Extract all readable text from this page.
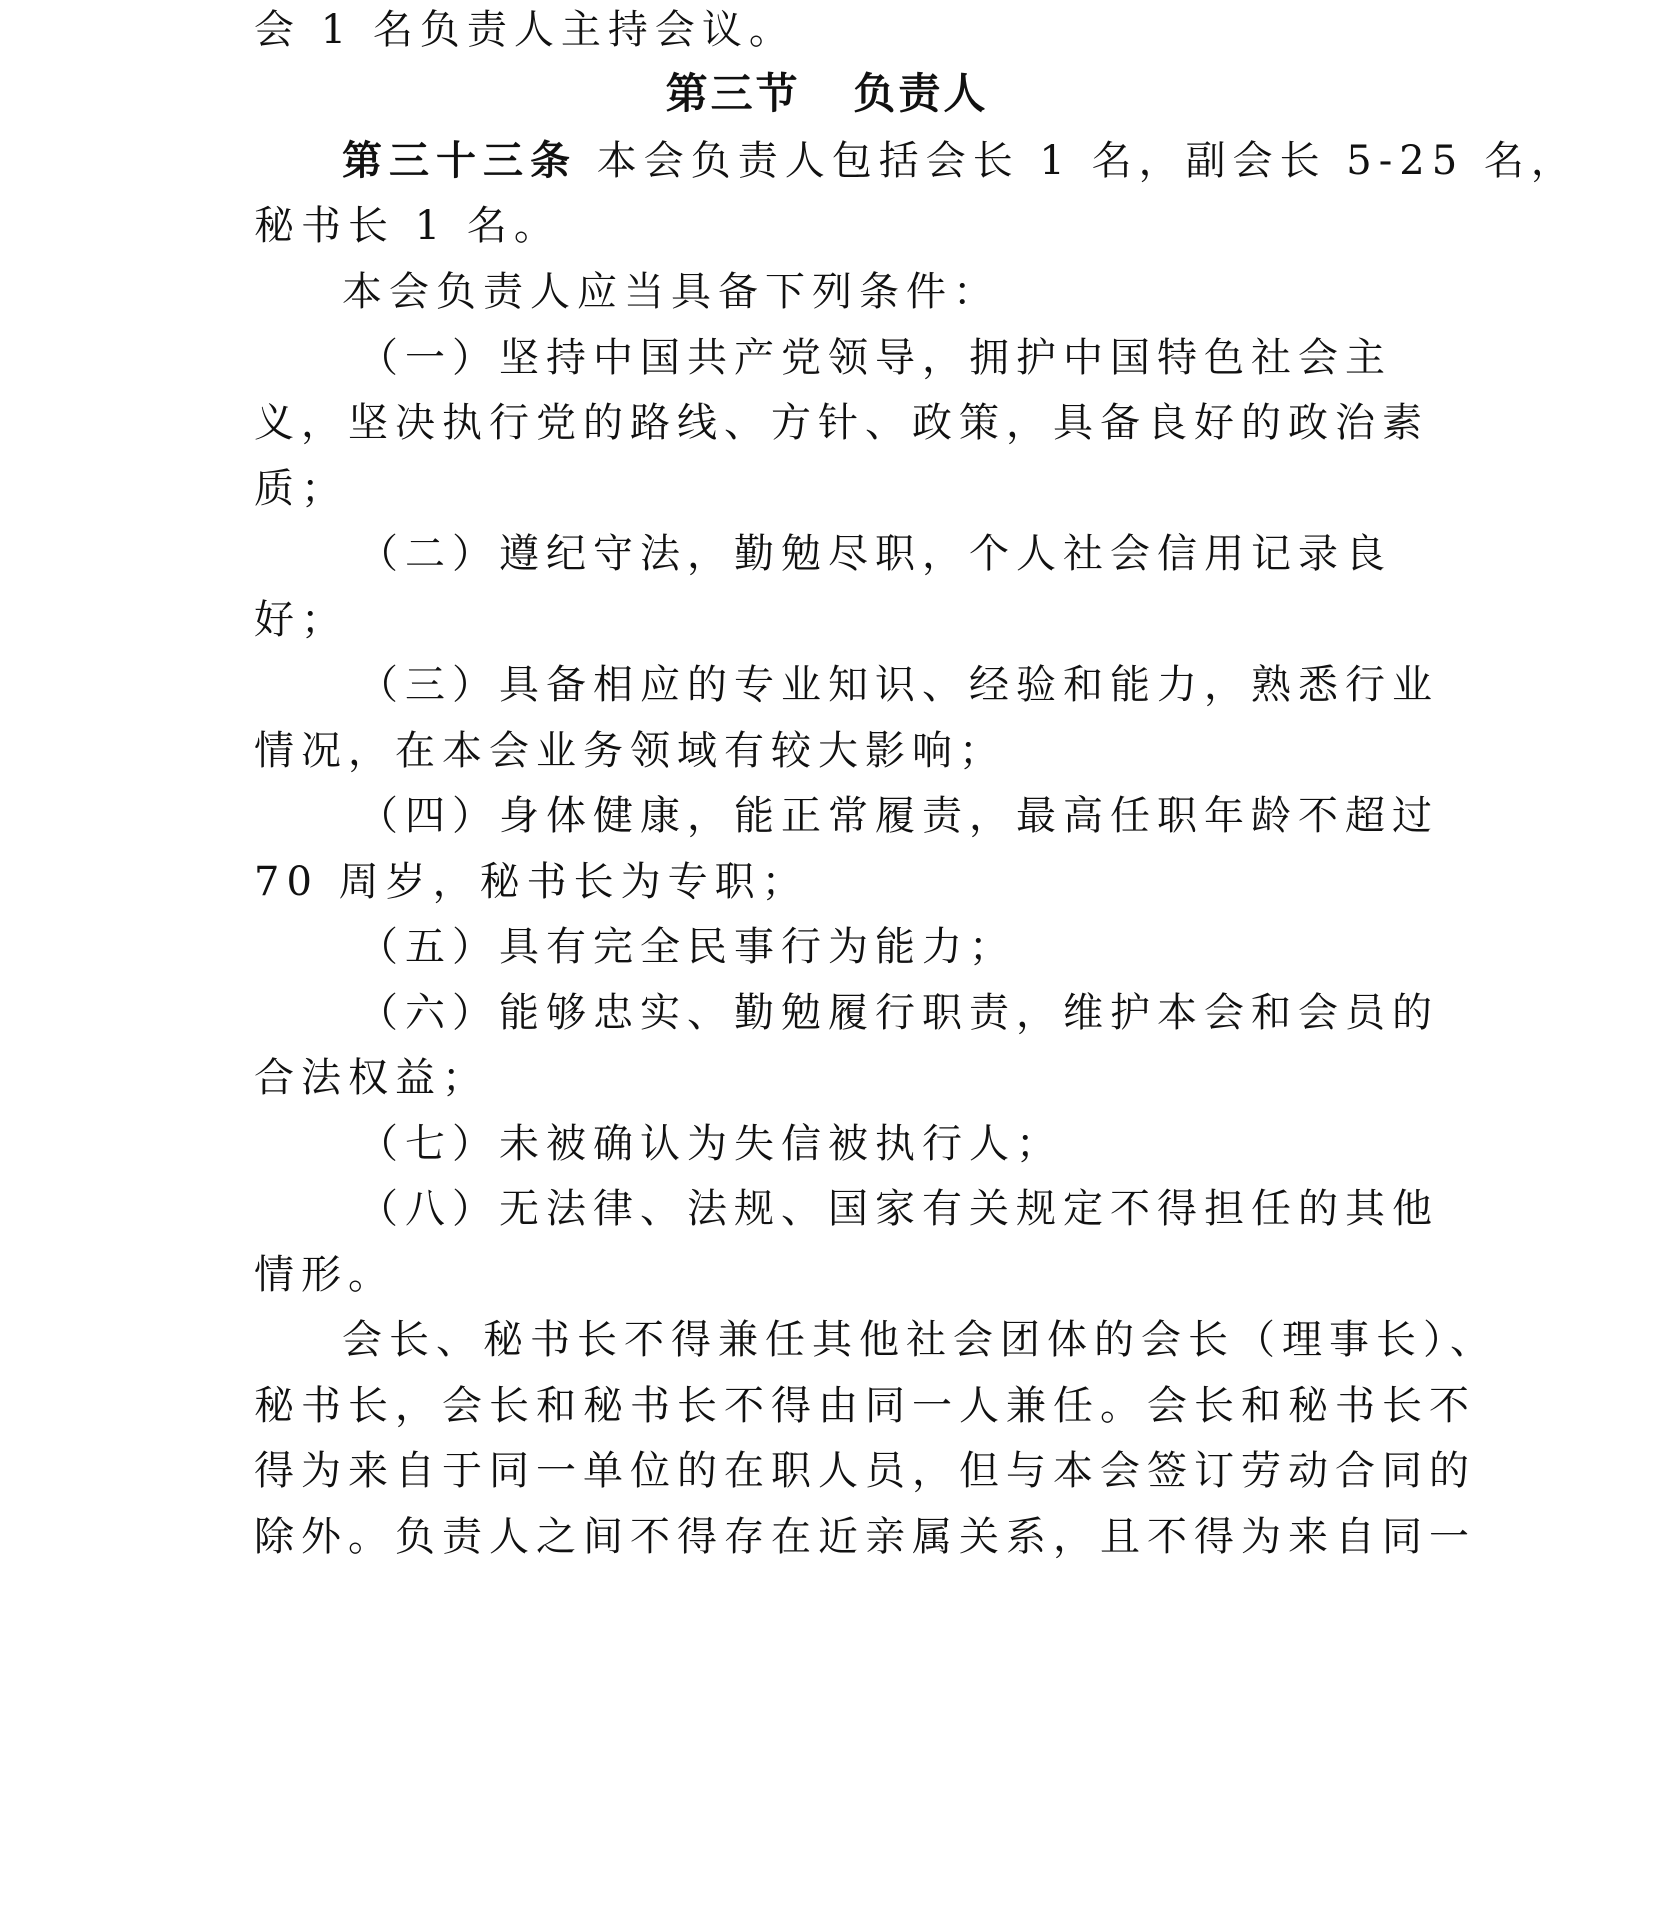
会 1 名负责人主持会议。
第三节   负责人
第三十三条 本会负责人包括会长 1 名，副会长 5-25 名，
秘书长 1 名。
本会负责人应当具备下列条件：
（一）坚持中国共产党领导，拥护中国特色社会主
义，坚决执行党的路线、方针、政策，具备良好的政治素
质；
（二）遵纪守法，勤勉尽职，个人社会信用记录良
好；
（三）具备相应的专业知识、经验和能力，熟悉行业
情况，在本会业务领域有较大影响；
（四）身体健康，能正常履责，最高任职年龄不超过
70 周岁，秘书长为专职；
（五）具有完全民事行为能力；
（六）能够忠实、勤勉履行职责，维护本会和会员的
合法权益；
（七）未被确认为失信被执行人；
（八）无法律、法规、国家有关规定不得担任的其他
情形。
会长、秘书长不得兼任其他社会团体的会长（理事长）、
秘书长，会长和秘书长不得由同一人兼任。会长和秘书长不
得为来自于同一单位的在职人员，但与本会签订劳动合同的
除外。负责人之间不得存在近亲属关系，且不得为来自同一
